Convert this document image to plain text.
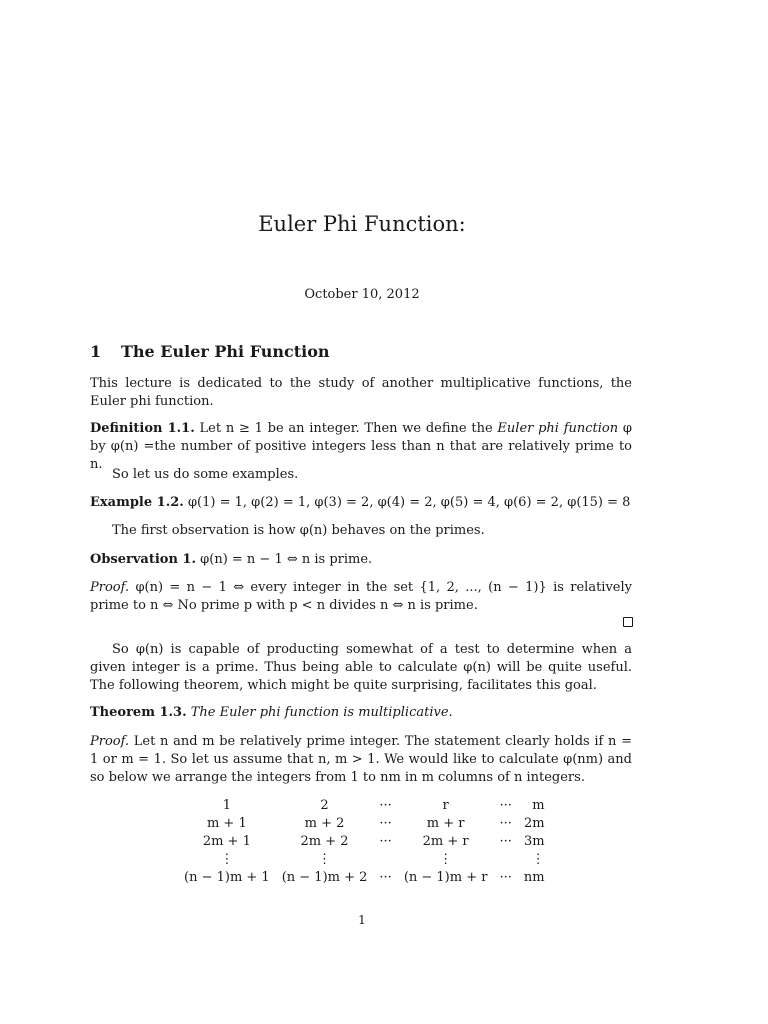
Euler Phi Function:
October 10, 2012
1 The Euler Phi Function

This lecture is dedicated to the study of another multiplicative functions, the Euler phi function.

Definition 1.1. Let n ≥ 1 be an integer. Then we define the Euler phi function φ by φ(n) =the number of positive integers less than n that are relatively prime to n.

So let us do some examples.

Example 1.2. φ(1) = 1, φ(2) = 1, φ(3) = 2, φ(4) = 2, φ(5) = 4, φ(6) = 2, φ(15) = 8

The first observation is how φ(n) behaves on the primes.

Observation 1. φ(n) = n − 1 ⇔ n is prime.

Proof. φ(n) = n − 1 ⇔ every integer in the set {1, 2, ..., (n − 1)} is relatively prime to n ⇔ No prime p with p < n divides n ⇔ n is prime.

So φ(n) is capable of producting somewhat of a test to determine when a given integer is a prime. Thus being able to calculate φ(n) will be quite useful. The following theorem, which might be quite surprising, facilitates this goal.

Theorem 1.3. The Euler phi function is multiplicative.

Proof. Let n and m be relatively prime integer. The statement clearly holds if n = 1 or m = 1. So let us assume that n, m > 1. We would like to calculate φ(nm) and so below we arrange the integers from 1 to nm in m columns of n integers.

1	2	···	r	···	m
m + 1	m + 2	···	m + r	···	2m
2m + 1	2m + 2	···	2m + r	···	3m
⋮	⋮		⋮		⋮
(n − 1)m + 1	(n − 1)m + 2	···	(n − 1)m + r	···	nm
1
